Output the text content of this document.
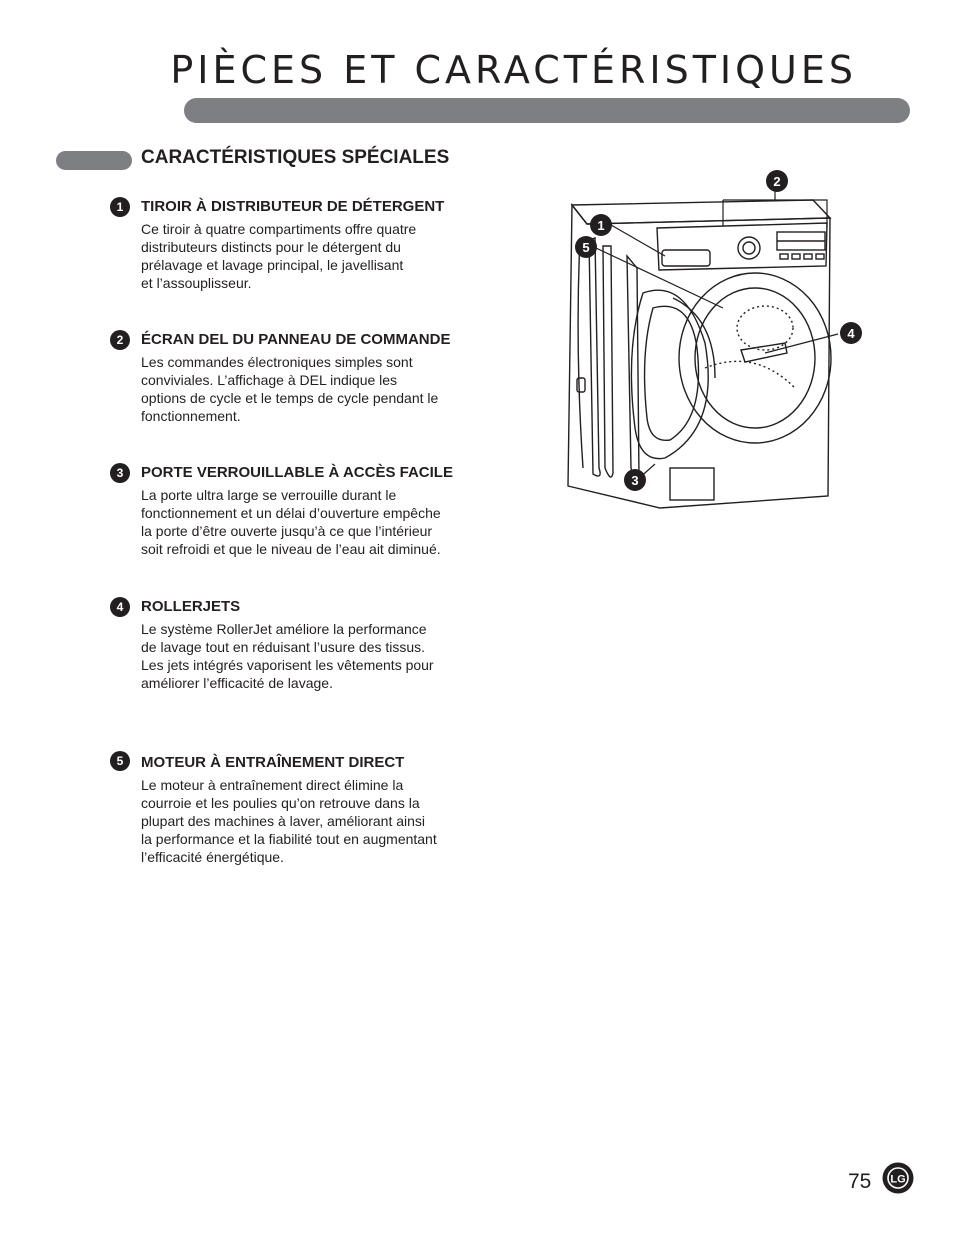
PIÈCES ET CARACTÉRISTIQUES
CARACTÉRISTIQUES SPÉCIALES
1	TIROIR À DISTRIBUTEUR DE DÉTERGENT

Ce tiroir à quatre compartiments offre quatre
distributeurs distincts pour le détergent du
prélavage et lavage principal, le javellisant
et l’assouplisseur.

2	ÉCRAN DEL DU PANNEAU DE COMMANDE

Les commandes électroniques simples sont
conviviales. L’affichage à DEL indique les
options de cycle et le temps de cycle pendant le
fonctionnement.

3	PORTE VERROUILLABLE À ACCÈS FACILE

La porte ultra large se verrouille durant le
fonctionnement et un délai d’ouverture empêche
la porte d’être ouverte jusqu’à ce que l’intérieur
soit refroidi et que le niveau de l’eau ait diminué.

4	ROLLERJETS

Le système RollerJet améliore la performance
de lavage tout en réduisant l’usure des tissus.
Les jets intégrés vaporisent les vêtements pour
améliorer l’efficacité de lavage.

5	MOTEUR À ENTRAÎNEMENT DIRECT

Le moteur à entraînement direct élimine la
courroie et les poulies qu’on retrouve dans la
plupart des machines à laver, améliorant ainsi
la performance et la fiabilité tout en augmentant
l’efficacité énergétique.

2
1
5
4
3
75 LG
